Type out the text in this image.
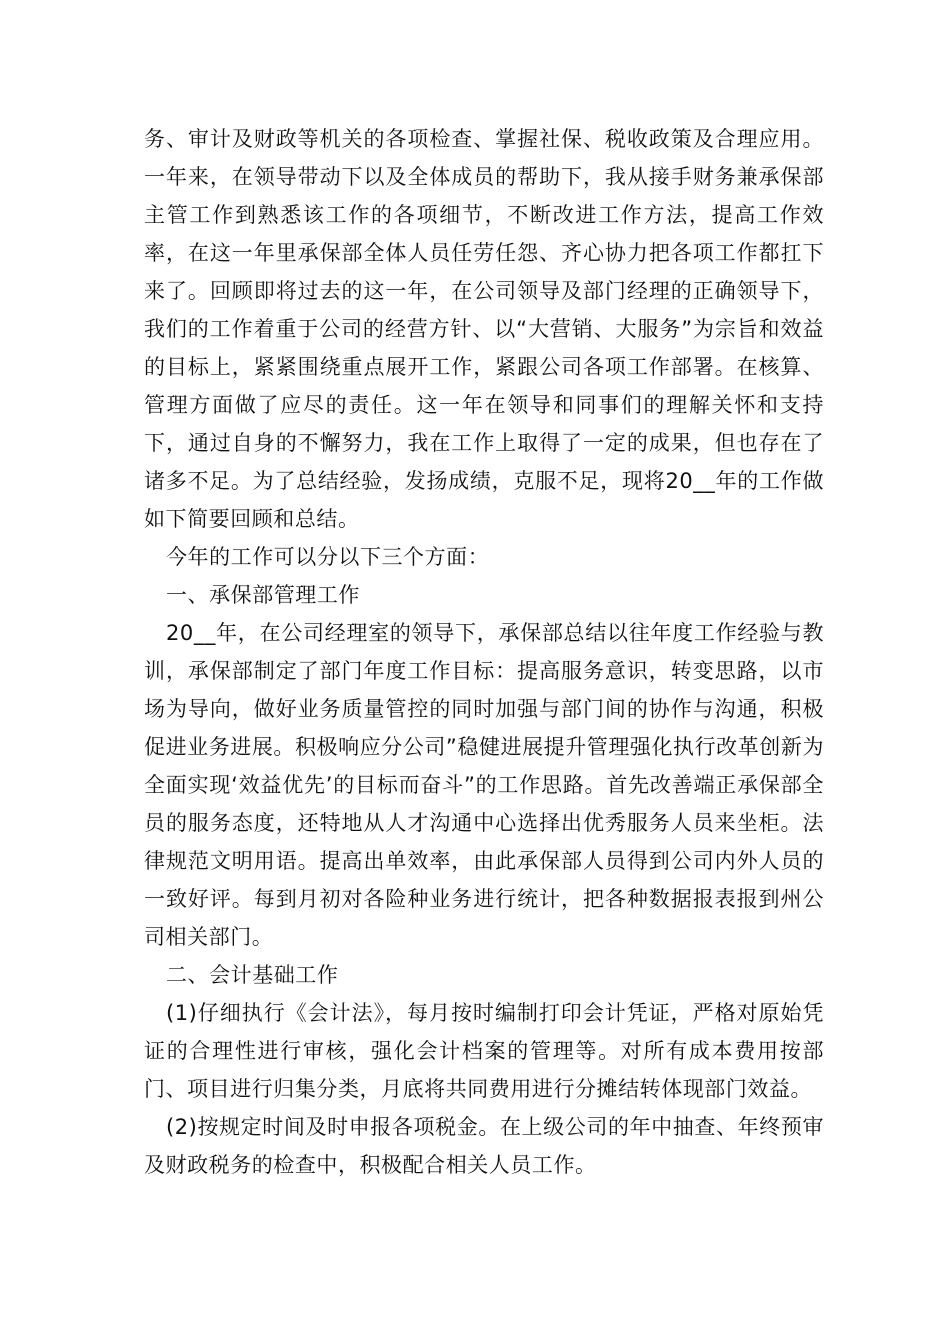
务、审计及财政等机关的各项检查、掌握社保、税收政策及合理应用。一年来，在领导带动下以及全体成员的帮助下，我从接手财务兼承保部主管工作到熟悉该工作的各项细节，不断改进工作方法，提高工作效率，在这一年里承保部全体人员任劳任怨、齐心协力把各项工作都扛下来了。回顾即将过去的这一年，在公司领导及部门经理的正确领导下，我们的工作着重于公司的经营方针、以“大营销、大服务”为宗旨和效益的目标上，紧紧围绕重点展开工作，紧跟公司各项工作部署。在核算、管理方面做了应尽的责任。这一年在领导和同事们的理解关怀和支持下，通过自身的不懈努力，我在工作上取得了一定的成果，但也存在了诸多不足。为了总结经验，发扬成绩，克服不足，现将20__年的工作做如下简要回顾和总结。

今年的工作可以分以下三个方面：

一、承保部管理工作

20__年，在公司经理室的领导下，承保部总结以往年度工作经验与教训，承保部制定了部门年度工作目标：提高服务意识，转变思路，以市场为导向，做好业务质量管控的同时加强与部门间的协作与沟通，积极促进业务进展。积极响应分公司”稳健进展提升管理强化执行改革创新为全面实现‘效益优先’的目标而奋斗”的工作思路。首先改善端正承保部全员的服务态度，还特地从人才沟通中心选择出优秀服务人员来坐柜。法律规范文明用语。提高出单效率，由此承保部人员得到公司内外人员的一致好评。每到月初对各险种业务进行统计，把各种数据报表报到州公司相关部门。

二、会计基础工作

(1)仔细执行《会计法》，每月按时编制打印会计凭证，严格对原始凭证的合理性进行审核，强化会计档案的管理等。对所有成本费用按部门、项目进行归集分类，月底将共同费用进行分摊结转体现部门效益。

(2)按规定时间及时申报各项税金。在上级公司的年中抽查、年终预审及财政税务的检查中，积极配合相关人员工作。
